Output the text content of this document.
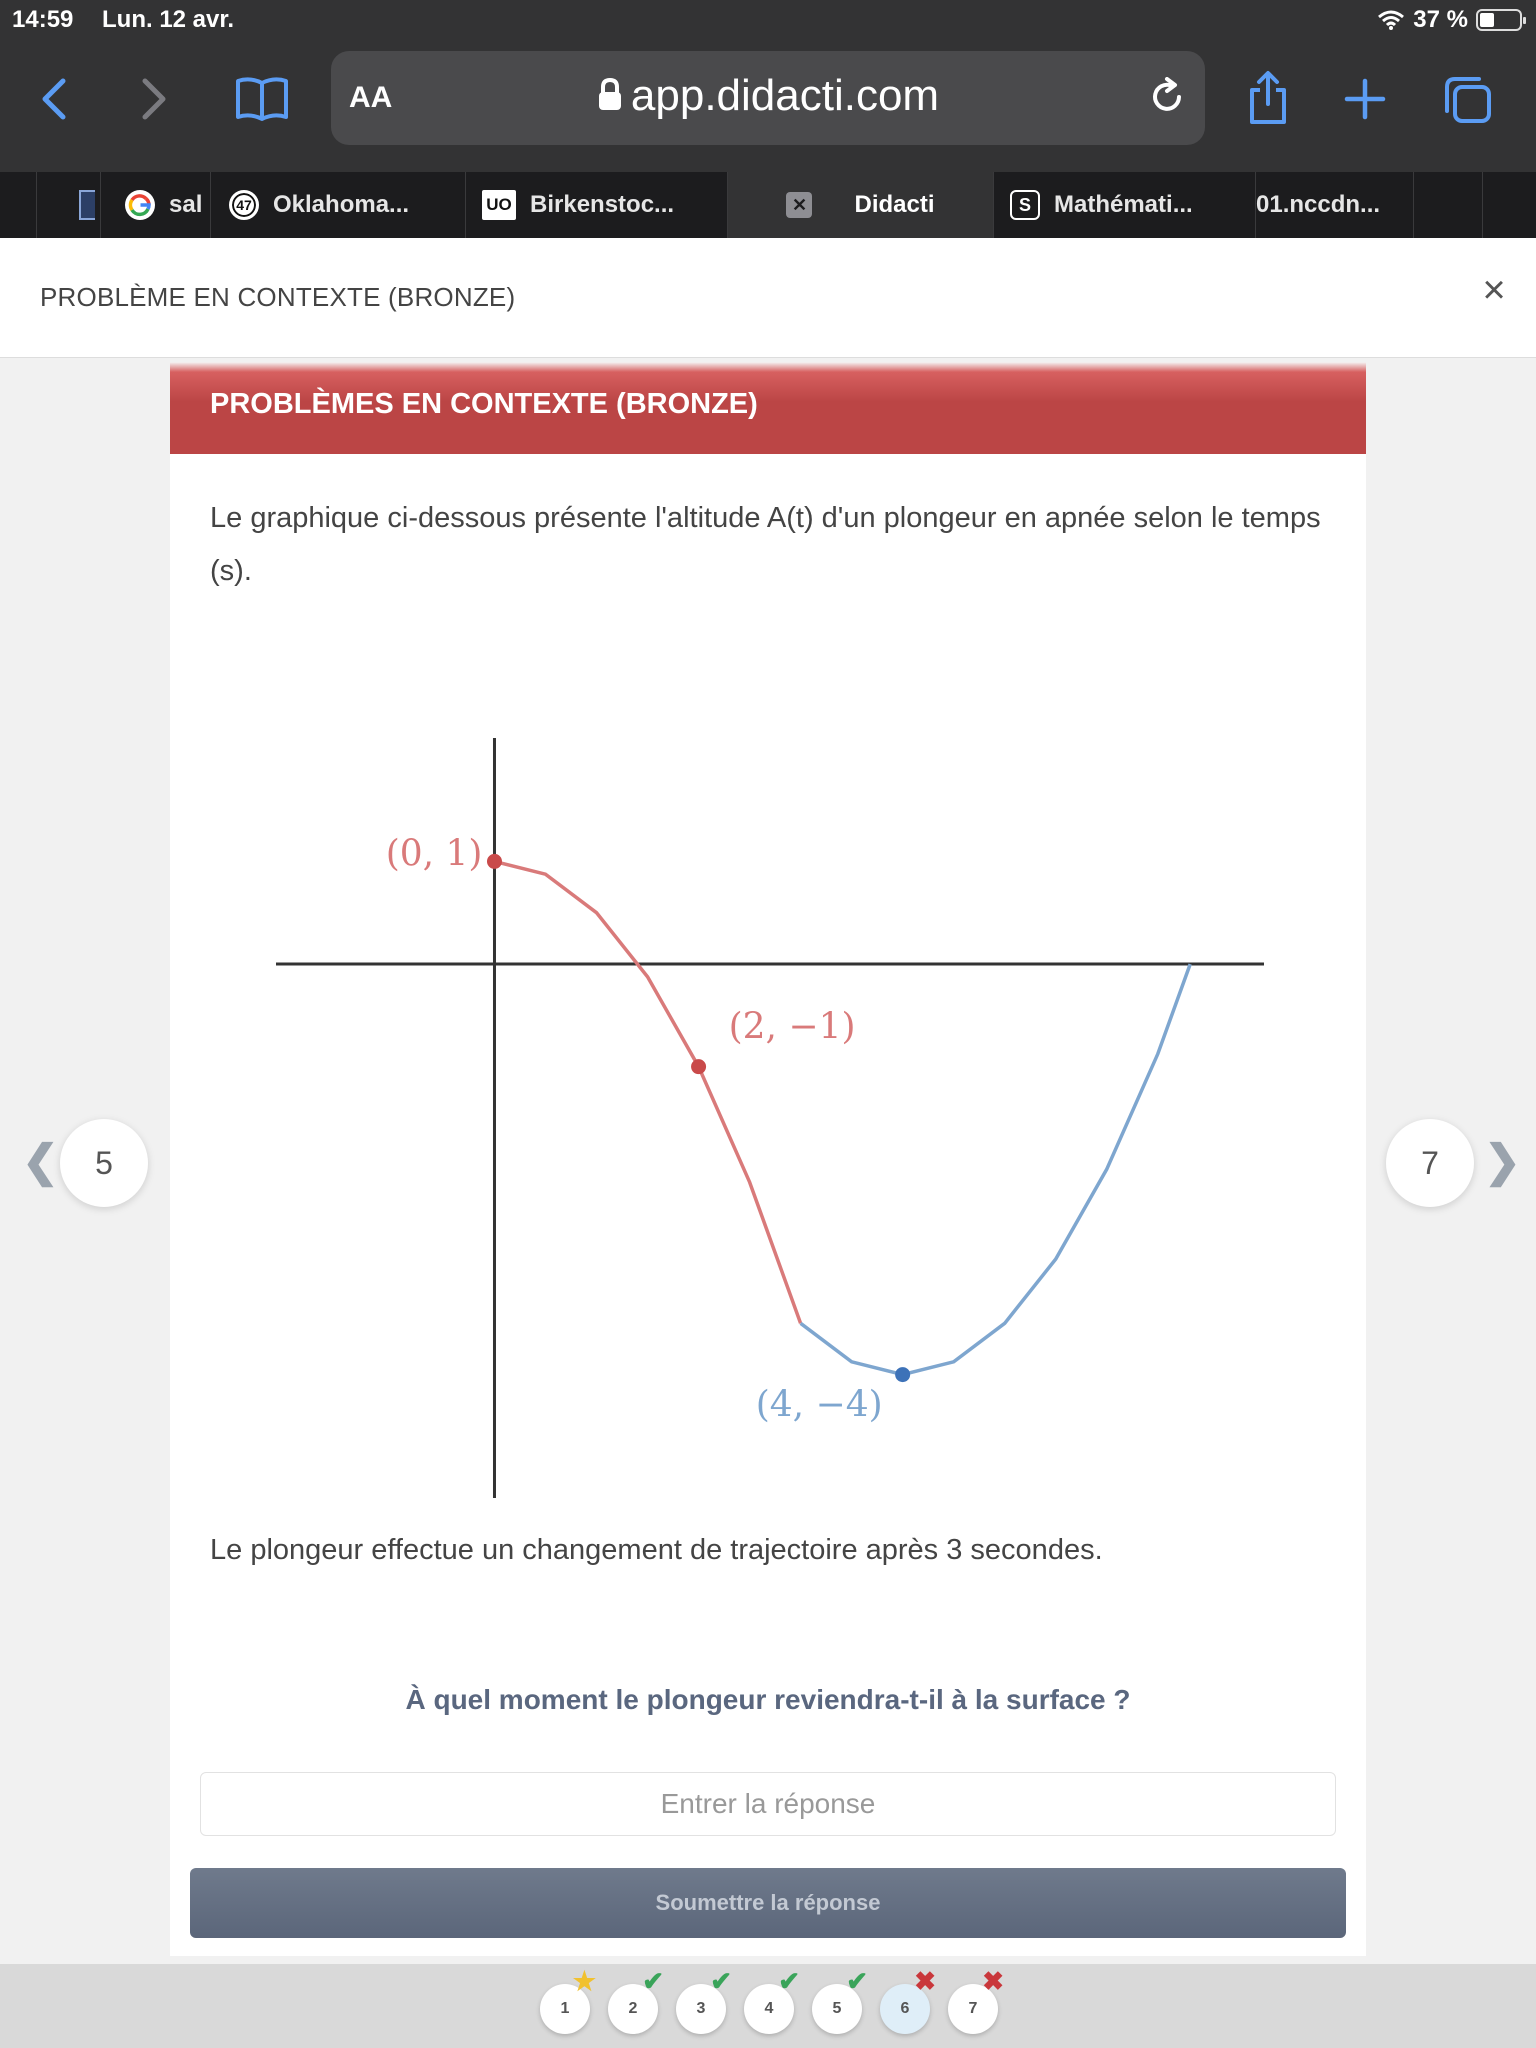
14:59 Lun. 12 avr.	37 %
AA	app.didacti.com
sal	47 Oklahoma...	UO Birkenstoc...	✕ Didacti	S Mathémati...	01.nccdn...
PROBLÈME EN CONTEXTE (BRONZE)	×
PROBLÈMES EN CONTEXTE (BRONZE)

Le graphique ci-dessous présente l'altitude A(t) d'un plongeur en apnée selon le temps (s).

(0, 1)
(2, −1)
(4, −4)

Le plongeur effectue un changement de trajectoire après 3 secondes.

À quel moment le plongeur reviendra-t-il à la surface ?

Entrer la réponse
Soumettre la réponse
❮	5	7	❯
1
★
2
✔
3
✔
4
✔
5
✔
6
✖
7
✖
